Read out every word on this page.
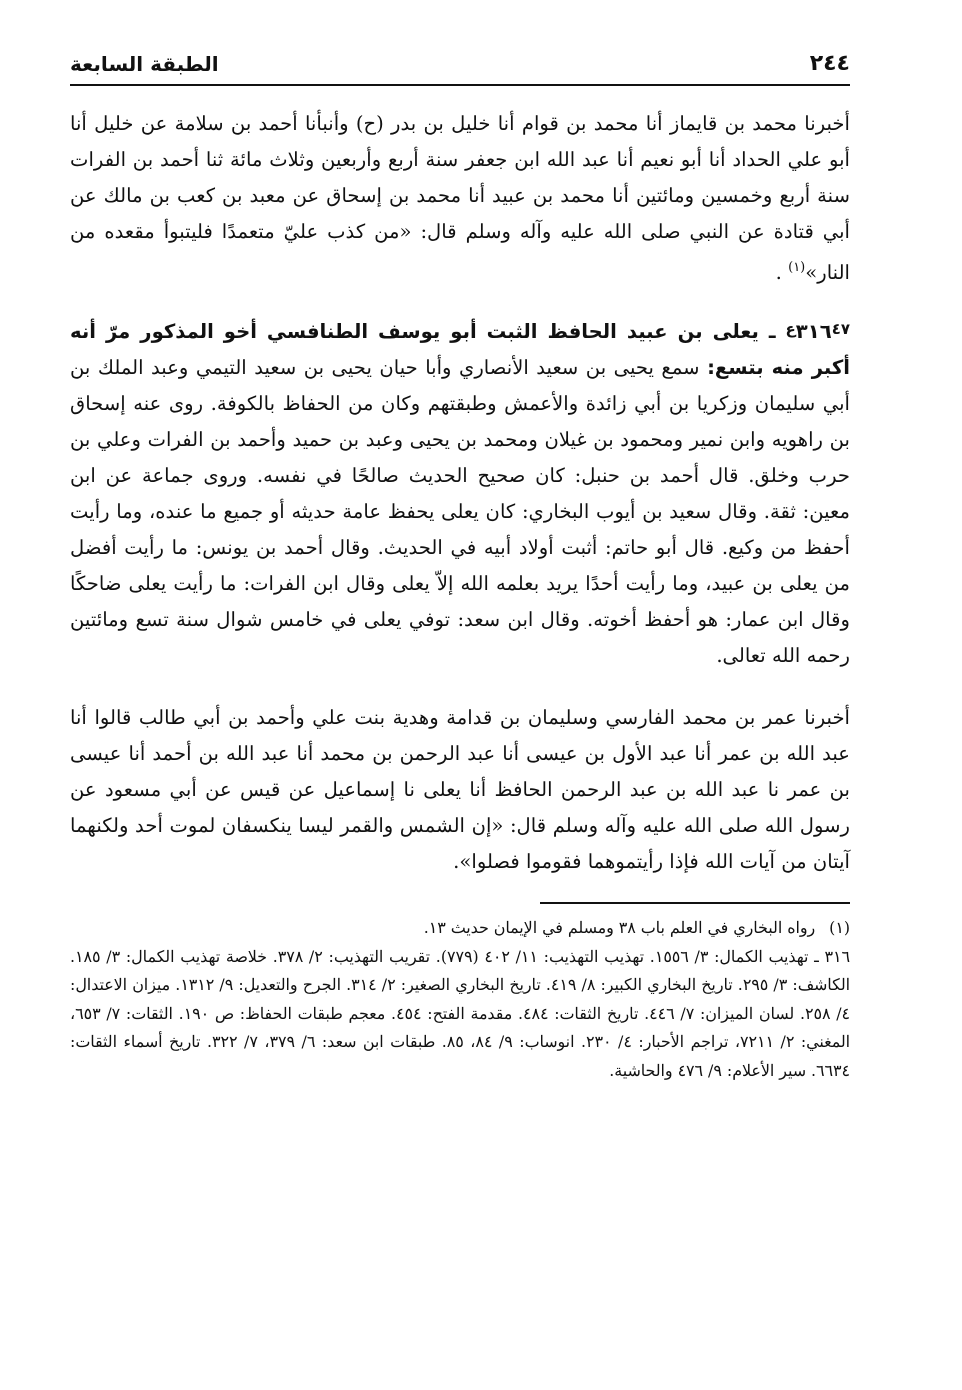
٢٤٤
الطبقة السابعة
أخبرنا محمد بن قايماز أنا محمد بن قوام أنا خليل بن بدر (ح) وأنبأنا أحمد بن سلامة عن خليل أنا أبو علي الحداد أنا أبو نعيم أنا عبد الله ابن جعفر سنة أربع وأربعين وثلاث مائة ثنا أحمد بن الفرات سنة أربع وخمسين ومائتين أنا محمد بن عبيد أنا محمد بن إسحاق عن معبد بن كعب بن مالك عن أبي قتادة عن النبي صلى الله عليه وآله وسلم قال: «من كذب عليّ متعمدًا فليتبوأ مقعده من النار»$^{(١)}$ .
$٣١٦^{٤٧ع}$ ـ يعلى بن عبيد الحافظ الثبت أبو يوسف الطنافسي أخو المذكور مرّ أنه أكبر منه بتسع: سمع يحيى بن سعيد الأنصاري وأبا حيان يحيى بن سعيد التيمي وعبد الملك بن أبي سليمان وزكريا بن أبي زائدة والأعمش وطبقتهم وكان من الحفاظ بالكوفة. روى عنه إسحاق بن راهويه وابن نمير ومحمود بن غيلان ومحمد بن يحيى وعبد بن حميد وأحمد بن الفرات وعلي بن حرب وخلق. قال أحمد بن حنبل: كان صحيح الحديث صالحًا في نفسه. وروى جماعة عن ابن معين: ثقة. وقال سعيد بن أيوب البخاري: كان يعلى يحفظ عامة حديثه أو جميع ما عنده، وما رأيت أحفظ من وكيع. قال أبو حاتم: أثبت أولاد أبيه في الحديث. وقال أحمد بن يونس: ما رأيت أفضل من يعلى بن عبيد، وما رأيت أحدًا يريد بعلمه الله إلاّ يعلى وقال ابن الفرات: ما رأيت يعلى ضاحكًا وقال ابن عمار: هو أحفظ أخوته. وقال ابن سعد: توفي يعلى في خامس شوال سنة تسع ومائتين رحمه الله تعالى.
أخبرنا عمر بن محمد الفارسي وسليمان بن قدامة وهدية بنت علي وأحمد بن أبي طالب قالوا أنا عبد الله بن عمر أنا عبد الأول بن عيسى أنا عبد الرحمن بن محمد أنا عبد الله بن أحمد أنا عيسى بن عمر نا عبد الله بن عبد الرحمن الحافظ أنا يعلى نا إسماعيل عن قيس عن أبي مسعود عن رسول الله صلى الله عليه وآله وسلم قال: «إن الشمس والقمر ليسا ينكسفان لموت أحد ولكنهما آيتان من آيات الله فإذا رأيتموهما فقوموا فصلوا».
(١)رواه البخاري في العلم باب ٣٨ ومسلم في الإيمان حديث ١٣.
٣١٦ ـ تهذيب الكمال: ٣/ ١٥٥٦. تهذيب التهذيب: ١١/ ٤٠٢ (٧٧٩). تقريب التهذيب: ٢/ ٣٧٨. خلاصة تهذيب الكمال: ٣/ ١٨٥. الكاشف: ٣/ ٢٩٥. تاريخ البخاري الكبير: ٨/ ٤١٩. تاريخ البخاري الصغير: ٢/ ٣١٤. الجرح والتعديل: ٩/ ١٣١٢. ميزان الاعتدال: ٤/ ٢٥٨. لسان الميزان: ٧/ ٤٤٦. تاريخ الثقات: ٤٨٤. مقدمة الفتح: ٤٥٤. معجم طبقات الحفاظ: ص ١٩٠. الثقات: ٧/ ٦٥٣، المغني: ٢/ ٧٢١١، تراجم الأحبار: ٤/ ٢٣٠. انوساب: ٩/ ٨٤، ٨٥. طبقات ابن سعد: ٦/ ٣٧٩، ٧/ ٣٢٢. تاريخ أسماء الثقات: ٦٦٣٤. سير الأعلام: ٩/ ٤٧٦ والحاشية.
